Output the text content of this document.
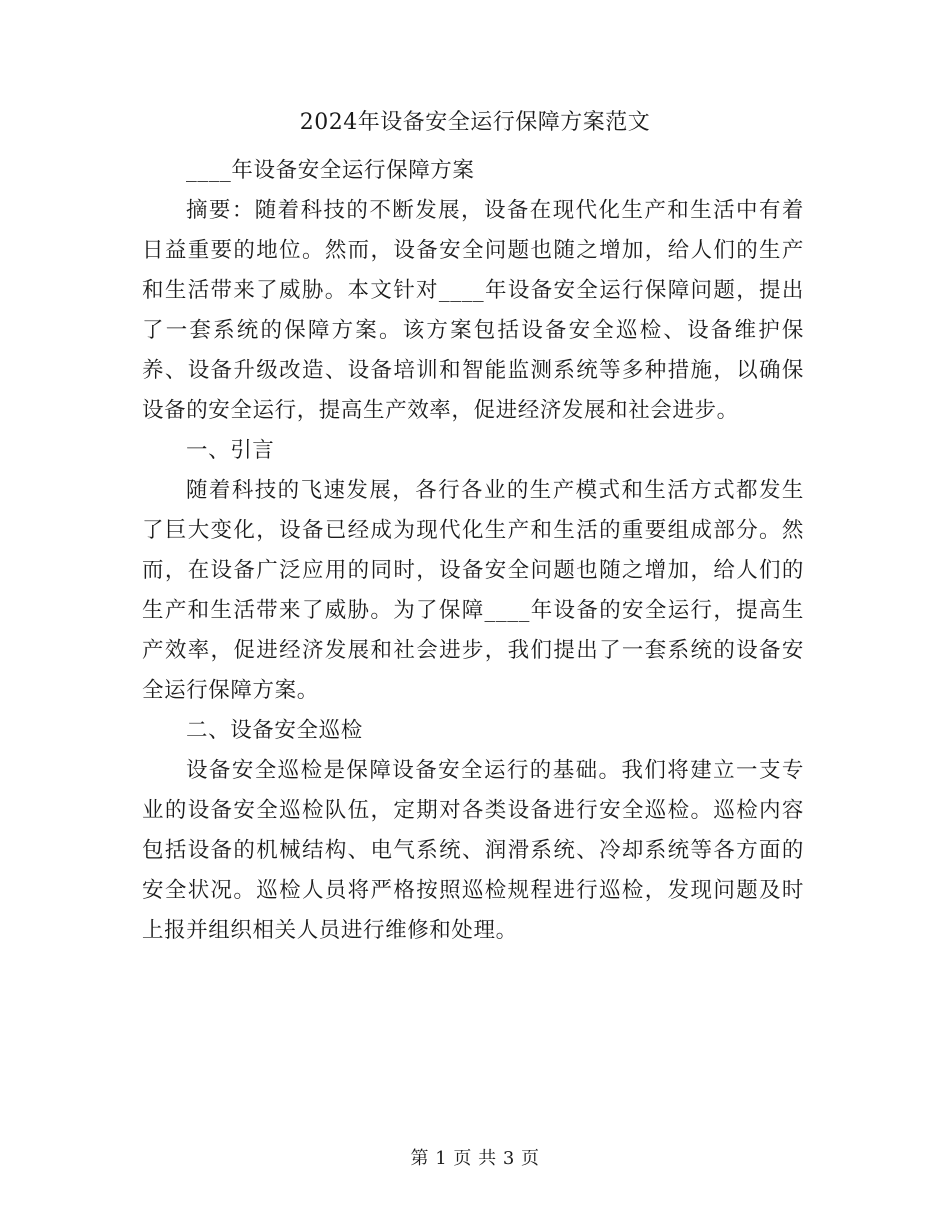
2024年设备安全运行保障方案范文

____年设备安全运行保障方案

摘要：随着科技的不断发展，设备在现代化生产和生活中有着日益重要的地位。然而，设备安全问题也随之增加，给人们的生产和生活带来了威胁。本文针对____年设备安全运行保障问题，提出了一套系统的保障方案。该方案包括设备安全巡检、设备维护保养、设备升级改造、设备培训和智能监测系统等多种措施，以确保设备的安全运行，提高生产效率，促进经济发展和社会进步。

一、引言

随着科技的飞速发展，各行各业的生产模式和生活方式都发生了巨大变化，设备已经成为现代化生产和生活的重要组成部分。然而，在设备广泛应用的同时，设备安全问题也随之增加，给人们的生产和生活带来了威胁。为了保障____年设备的安全运行，提高生产效率，促进经济发展和社会进步，我们提出了一套系统的设备安全运行保障方案。

二、设备安全巡检

设备安全巡检是保障设备安全运行的基础。我们将建立一支专业的设备安全巡检队伍，定期对各类设备进行安全巡检。巡检内容包括设备的机械结构、电气系统、润滑系统、冷却系统等各方面的安全状况。巡检人员将严格按照巡检规程进行巡检，发现问题及时上报并组织相关人员进行维修和处理。

第 1 页 共 3 页
